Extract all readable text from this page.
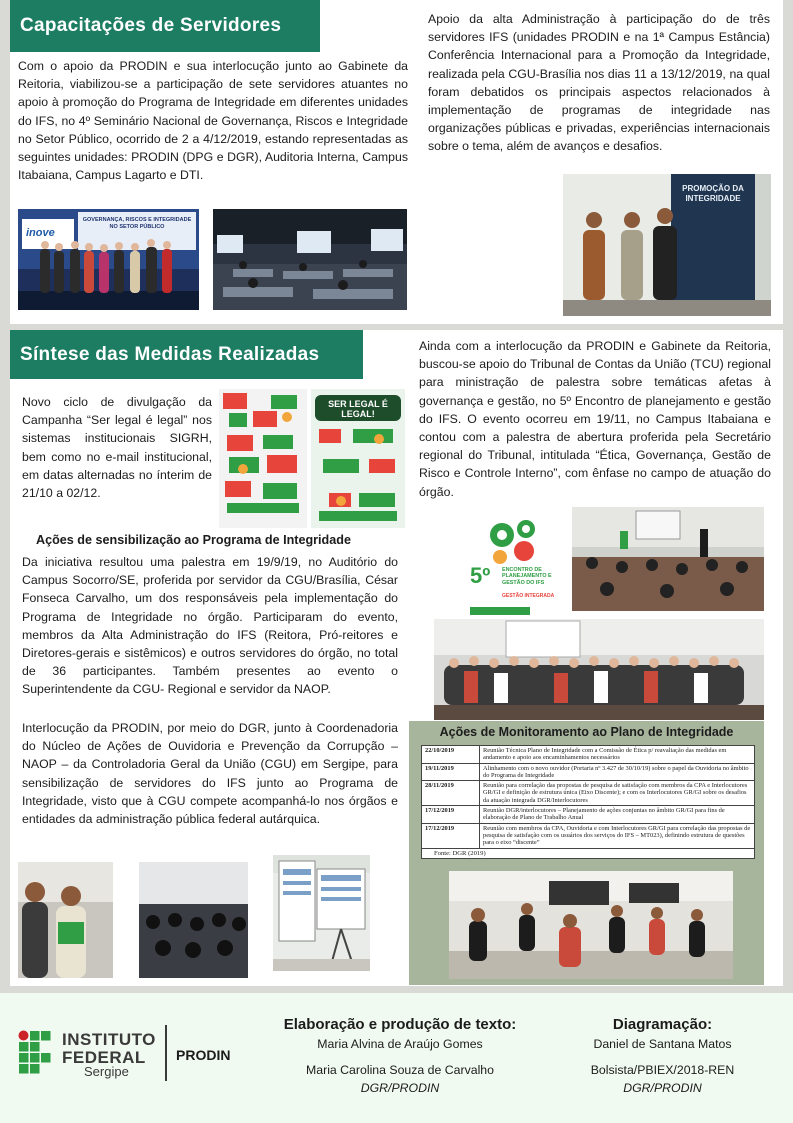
Capacitações de Servidores

Com o apoio da PRODIN e sua interlocução junto ao Gabinete da Reitoria, viabilizou-se a participação de sete servidores atuantes no apoio à promoção do Programa de Integridade em diferentes unidades do IFS, no 4º Seminário Nacional de Governança, Riscos e Integridade no Setor Público, ocorrido de 2 a 4/12/2019, estando representadas as seguintes unidades: PRODIN (DPG e DGR), Auditoria Interna, Campus Itabaiana, Campus Lagarto e DTI.

Apoio da alta Administração à participação do de três servidores IFS (unidades PRODIN e na 1ª Campus Estância) Conferência Internacional para a Promoção da Integridade, realizada pela CGU-Brasília nos dias 11 a 13/12/2019, na qual foram debatidos os principais aspectos relacionados à implementação de programas de integridade nas organizações públicas e privadas, experiências internacionais sobre o tema, além de avanços e desafios.

inove
GOVERNANÇA, RISCOS E INTEGRIDADE NO SETOR PÚBLICO
PROMOÇÃO DA INTEGRIDADE
Síntese das Medidas Realizadas

Novo ciclo de divulgação da Campanha “Ser legal é legal” nos sistemas institucionais SIGRH, bem como no e-mail institucional, em datas alternadas no ínterim de 21/10 a 02/12.

SER LEGAL É LEGAL!
Ações de sensibilização ao Programa de Integridade

Da iniciativa resultou uma palestra em 19/9/19, no Auditório do Campus Socorro/SE, proferida por servidor da CGU/Brasília, César Fonseca Carvalho, um dos responsáveis pela implementação do Programa de Integridade no órgão. Participaram do evento, membros da Alta Administração do IFS (Reitora, Pró-reitores e Diretores-gerais e sistêmicos) e outros servidores do órgão, no total de 36 participantes. Também presentes ao evento o Superintendente da CGU- Regional e servidor da NAOP.

Interlocução da PRODIN, por meio do DGR, junto à Coordenadoria do Núcleo de Ações de Ouvidoria e Prevenção da Corrupção – NAOP – da Controladoria Geral da União (CGU) em Sergipe, para sensibilização de servidores do IFS junto ao Programa de Integridade, visto que à CGU compete acompanhá-lo nos órgãos e entidades da administração pública federal autárquica.

Ainda com a interlocução da PRODIN e Gabinete da Reitoria, buscou-se apoio do Tribunal de Contas da União (TCU) regional para ministração de palestra sobre temáticas afetas à governança e gestão, no 5º Encontro de planejamento e gestão do IFS. O evento ocorreu em 19/11, no Campus Itabaiana e contou com a palestra de abertura proferida pela Secretário regional do Tribunal, intitulada “Ética, Governança, Gestão de Risco e Controle Interno”, com ênfase no campo de atuação do órgão.

5º ENCONTRO DE PLANEJAMENTO E GESTÃO DO IFS
GESTÃO INTEGRADA
Ações de Monitoramento ao Plano de Integridade
22/10/2019	Reunião Técnica Plano de Integridade com a Comissão de Ética p/ reavaliação das medidas em andamento e apoio aos encaminhamentos necessários
19/11/2019	Alinhamento com o novo ouvidor (Portaria nº 3.427 de 30/10/19) sobre o papel da Ouvidoria no âmbito do Programa de Integridade
28/11/2019	Reunião para correlação das propostas de pesquisa de satisfação com membros da CPA e Interlocutores GR/GI e definição de estrutura única (Eixo Discente); e com os Interlocutores GR/GI sobre os desafios da atuação integrada DGR/Interlocutores
17/12/2019	Reunião DGR/interlocutores – Planejamento de ações conjuntas no âmbito GR/GI para fins de elaboração de Plano de Trabalho Anual
17/12/2019	Reunião com membros da CPA, Ouvidoria e com Interlocutores GR/GI para correlação das propostas de pesquisa de satisfação com os usuários dos serviços do IFS – MT023), definindo estrutura de questões para o eixo “discente”
Fonte: DGR (2019)
INSTITUTO
FEDERAL
Sergipe
PRODIN
Elaboração e produção de texto:
Maria Alvina de Araújo Gomes
Maria Carolina Souza de Carvalho
DGR/PRODIN
Diagramação:
Daniel de Santana Matos
Bolsista/PBIEX/2018-REN
DGR/PRODIN
